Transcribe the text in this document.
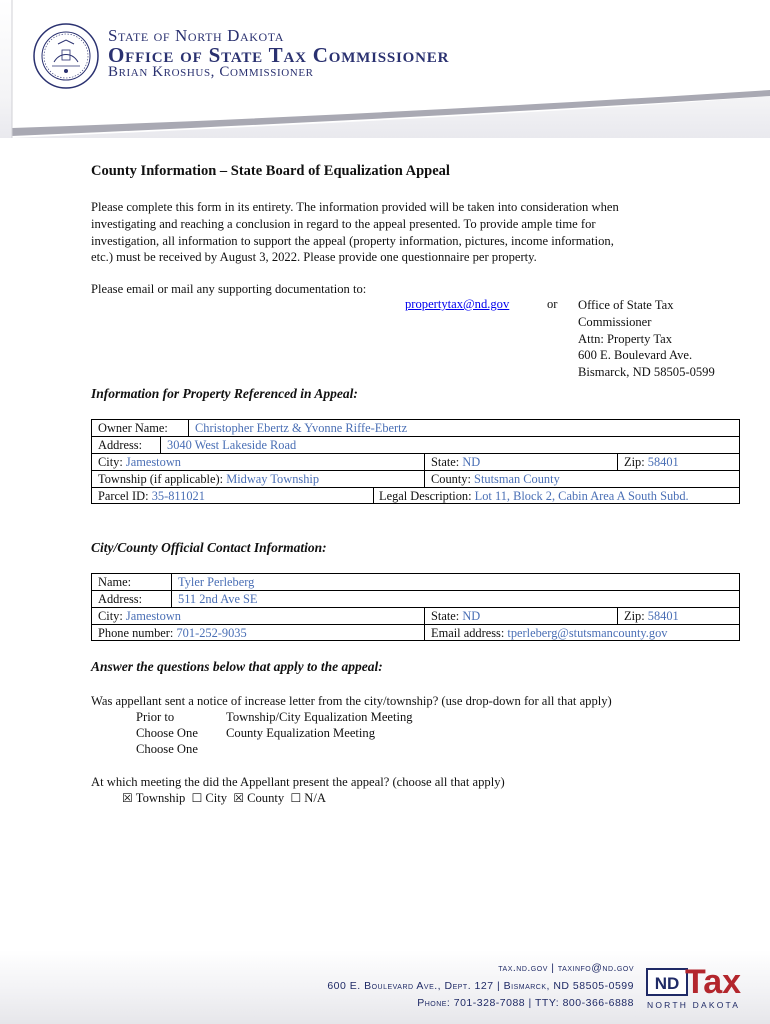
State of North Dakota
Office of State Tax Commissioner
Brian Kroshus, Commissioner
County Information – State Board of Equalization Appeal
Please complete this form in its entirety. The information provided will be taken into consideration when
investigating and reaching a conclusion in regard to the appeal presented. To provide ample time for
investigation, all information to support the appeal (property information, pictures, income information,
etc.) must be received by August 3, 2022. Please provide one questionnaire per property.
Please email or mail any supporting documentation to:
propertytax@nd.gov	or Office of State Tax
Commissioner
Attn: Property Tax
600 E. Boulevard Ave.
Bismarck, ND 58505-0599
Information for Property Referenced in Appeal:
Owner Name:	Christopher Ebertz & Yvonne Riffe-Ebertz
Address:	3040 West Lakeside Road
City: Jamestown	State: ND	Zip: 58401
Township (if applicable): Midway Township	County: Stutsman County
Parcel ID: 35-811021	Legal Description: Lot 11, Block 2, Cabin Area A South Subd.
City/County Official Contact Information:
Name:	Tyler Perleberg
Address:	511 2nd Ave SE
City: Jamestown	State: ND	Zip: 58401
Phone number: 701-252-9035	Email address: tperleberg@stutsmancounty.gov
Answer the questions below that apply to the appeal:
Was appellant sent a notice of increase letter from the city/township? (use drop-down for all that apply)
Prior to	Township/City Equalization Meeting
Choose One County Equalization Meeting
Choose One
At which meeting the did the Appellant present the appeal? (choose all that apply)
☒ Township ☐ City ☒ County ☐ N/A
tax.nd.gov | taxinfo@nd.gov
600 E. Boulevard Ave., Dept. 127 | Bismarck, ND 58505-0599
Phone: 701-328-7088 | TTY: 800-366-6888
ND Tax
NORTH DAKOTA
